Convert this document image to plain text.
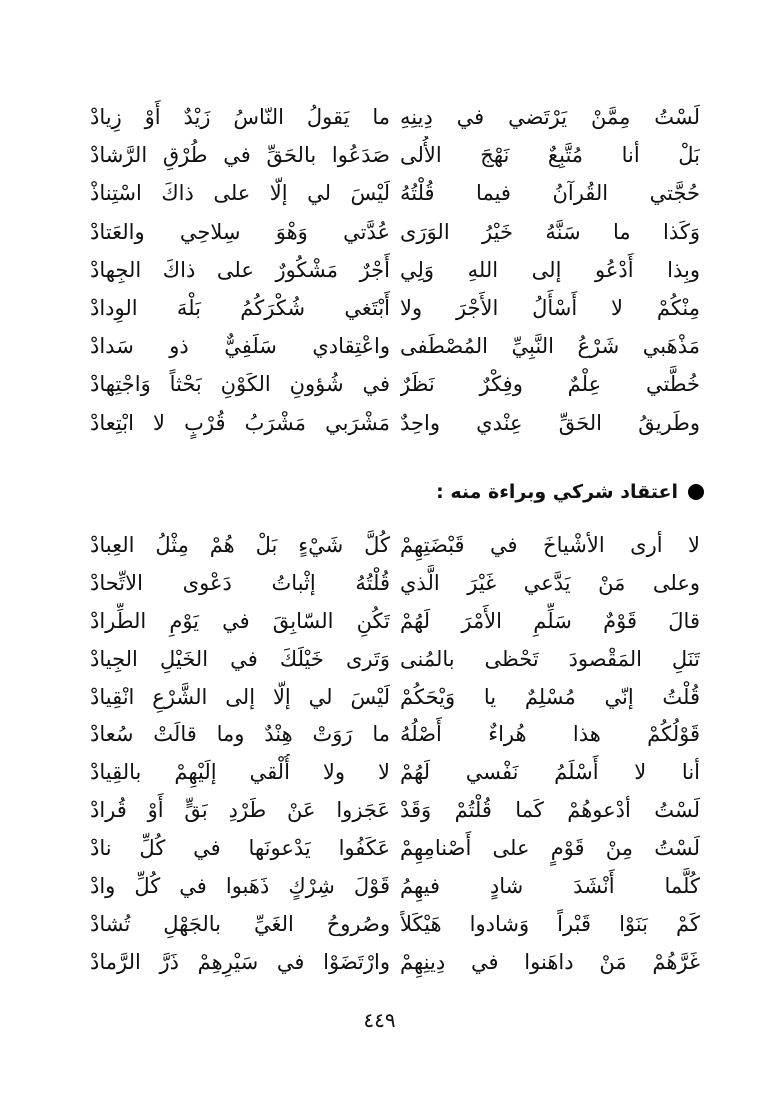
لَسْتُ مِمَّنْ يَرْتَضي في دِينِهِ
ما يَقولُ النّاسُ زَيْدٌ أَوْ زِيادْ
بَلْ أنا مُتَّبِعٌ نَهْجَ الأُلى
صَدَعُوا بالحَقِّ في طُرْقِ الرَّشادْ
حُجَّتي القُرآنُ فيما قُلْتُهُ
لَيْسَ لي إلّا على ذاكَ اسْتِناذْ
وَكَذا ما سَنَّهُ خَيْرُ الوَرَى
عُدَّتي وَهْوَ سِلاحِي والعَتادْ
وبِذا أَدْعُو إلى اللهِ وَلِي
أَجْرٌ مَشْكُورٌ على ذاكَ الجِهادْ
مِنْكُمْ لا أَسْأَلُ الأَجْرَ ولا
أَبْتَغي شُكْرَكُمُ بَلْهَ الوِدادْ
مَذْهَبي شَرْعُ النَّبِيِّ المُصْطَفى
واعْتِقادي سَلَفِيٌّ ذو سَدادْ
خُطَّتي عِلْمٌ وفِكْرٌ نَظَرٌ
في شُؤونِ الكَوْنِ بَحْثاً وَاجْتِهادْ
وطَريقُ الحَقِّ عِنْدي واحِدٌ
مَشْرَبي مَشْرَبُ قُرْبٍ لا ابْتِعادْ
اعتقاد شركي وبراءة منه :
لا أرى الأشْياخَ في قَبْضَتِهِمْ
كُلَّ شَيْءٍ بَلْ هُمْ مِثْلُ العِبادْ
وعلى مَنْ يَدَّعي غَيْرَ الَّذي
قُلْتُهُ إثْباتُ دَعْوى الاتِّحادْ
قالَ قَوْمٌ سَلِّمِ الأَمْرَ لَهُمْ
تَكُنِ السّابِقَ في يَوْمِ الطِّرادْ
تَنَلِ المَقْصودَ تَحْظى بالمُنى
وَتَرى خَيْلَكَ في الخَيْلِ الجِيادْ
قُلْتُ إنّي مُسْلِمٌ يا وَيْحَكُمْ
لَيْسَ لي إلّا إلى الشَّرْعِ انْقِيادْ
قَوْلُكُمْ هذا هُراءٌ أَصْلُهُ
ما رَوَتْ هِنْدٌ وما قالَتْ سُعادْ
أنا لا أَسْلَمُ نَفْسي لَهُمْ
لا ولا أُلْقي إلَيْهِمْ بالقِيادْ
لَسْتُ أدْعوهُمْ كَما قُلْتُمْ وَقَدْ
عَجَزوا عَنْ طَرْدِ بَقٍّ أَوْ قُرادْ
لَسْتُ مِنْ قَوْمٍ على أَصْنامِهِمْ
عَكَفُوا يَدْعونَها في كُلِّ نادْ
كُلَّما أَنْشَدَ شادٍ فيهِمُ
قَوْلَ شِرْكٍ ذَهَبوا في كُلِّ وادْ
كَمْ بَنَوْا قَبْراً وَشادوا هَيْكَلاً
وصُروحُ الغَيِّ بالجَهْلِ تُشادْ
غَرَّهُمْ مَنْ داهَنوا في دِينِهِمْ
وارْتَضَوْا في سَيْرِهِمْ ذَرَّ الرَّمادْ
٤٤٩
